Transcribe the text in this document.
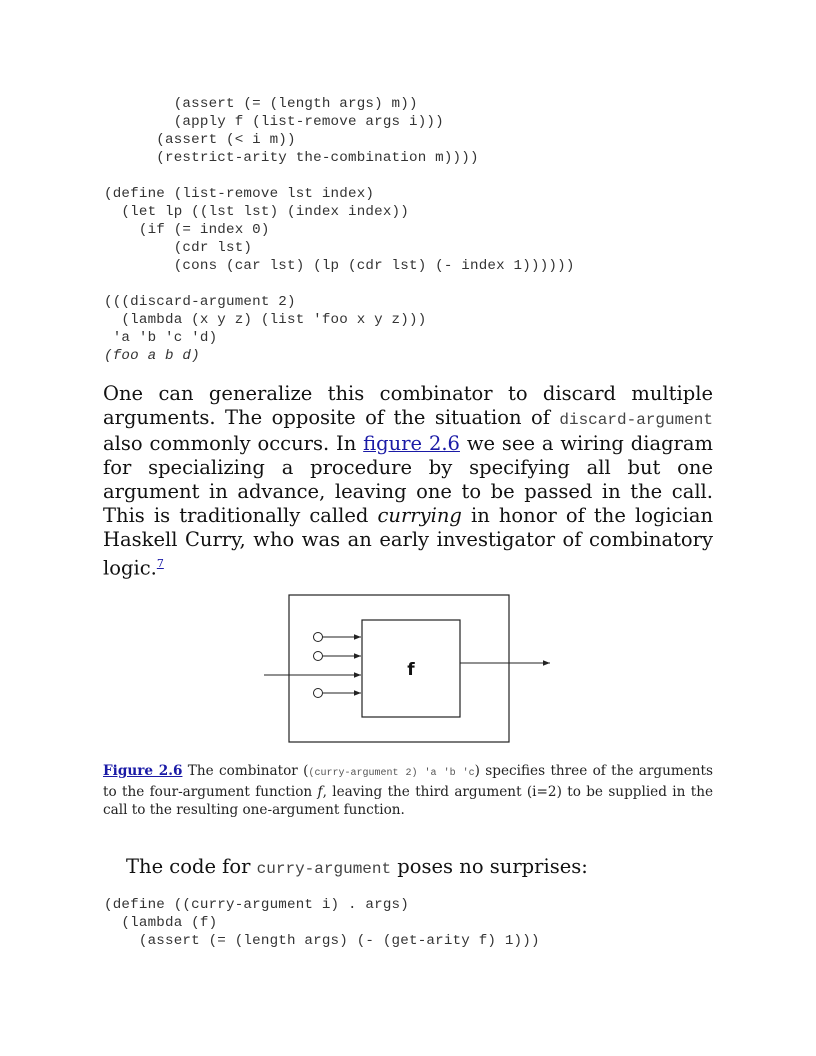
(assert (= (length args) m))
(apply f (list-remove args i)))
(assert (< i m))
(restrict-arity the-combination m))))
(define (list-remove lst index)
(let lp ((lst lst) (index index))
(if (= index 0)
(cdr lst)
(cons (car lst) (lp (cdr lst) (- index 1))))))
(((discard-argument 2)
(lambda (x y z) (list 'foo x y z)))
'a 'b 'c 'd)
(foo a b d)

One can generalize this combinator to discard multiple arguments. The opposite of the situation of discard-argument also commonly occurs. In figure 2.6 we see a wiring diagram for specializing a procedure by specifying all but one argument in advance, leaving one to be passed in the call. This is traditionally called currying in honor of the logician Haskell Curry, who was an early investigator of combinatory logic.$^7$

f

Figure 2.6 The combinator ((curry-argument 2) 'a 'b 'c) specifies three of the arguments to the four-argument function f, leaving the third argument (i=2) to be supplied in the call to the resulting one-argument function.

The code for curry-argument poses no surprises:

(define ((curry-argument i) . args)
(lambda (f)
(assert (= (length args) (- (get-arity f) 1)))
